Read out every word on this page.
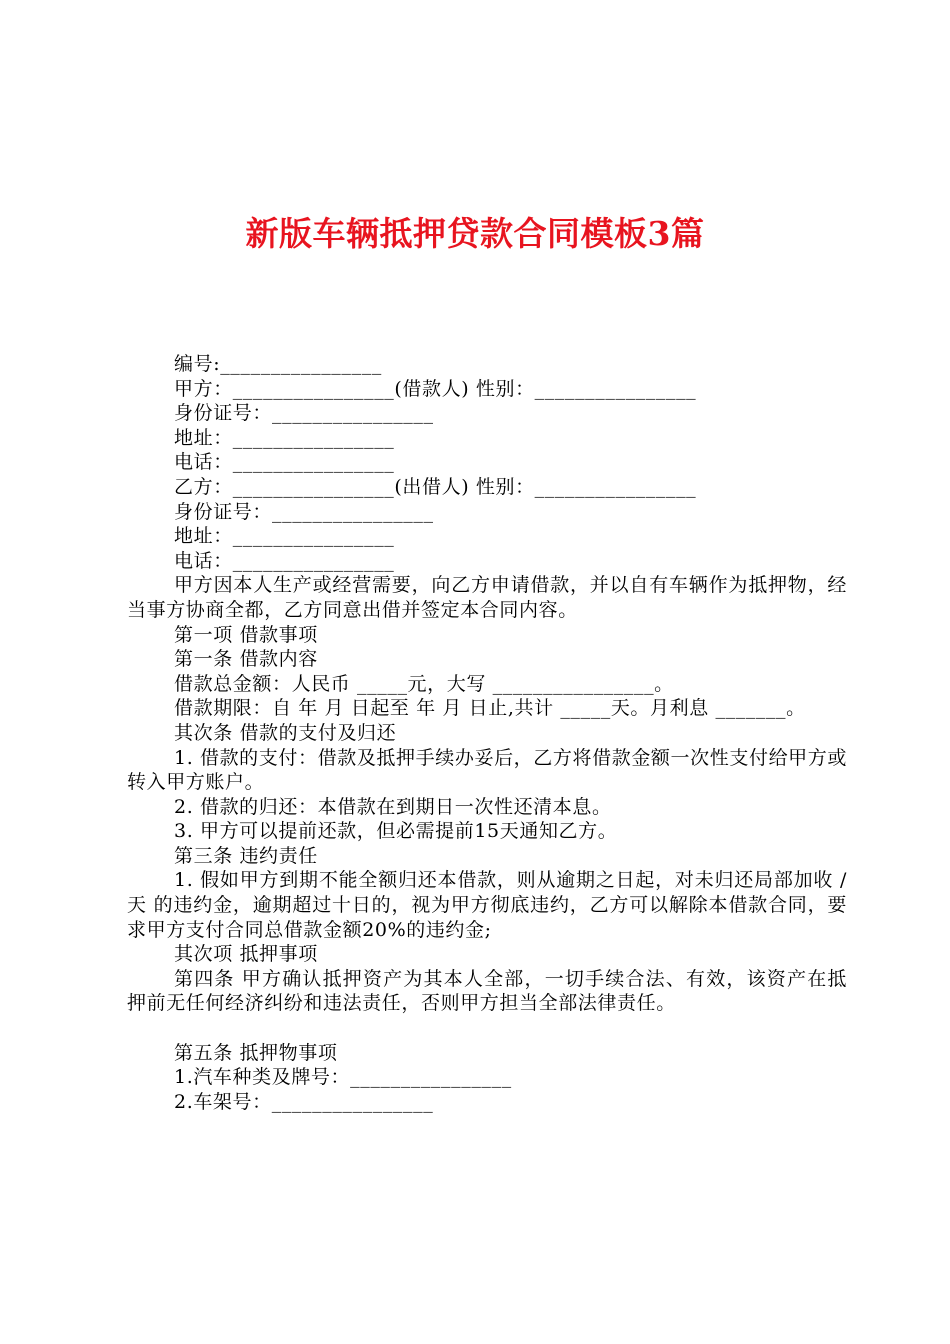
新版车辆抵押贷款合同模板3篇
编号:________________
甲方：________________(借款人) 性别：________________
身份证号：________________
地址：________________
电话：________________
乙方：________________(出借人) 性别：________________
身份证号：________________
地址：________________
电话：________________
甲方因本人生产或经营需要，向乙方申请借款，并以自有车辆作为抵押物，经当事方协商全都，乙方同意出借并签定本合同内容。
第一项 借款事项
第一条 借款内容
借款总金额：人民币 _____元，大写 ________________。
借款期限：自 年 月 日起至 年 月 日止,共计 _____天。月利息 _______。
其次条 借款的支付及归还
1. 借款的支付：借款及抵押手续办妥后，乙方将借款金额一次性支付给甲方或转入甲方账户。
2. 借款的归还：本借款在到期日一次性还清本息。
3. 甲方可以提前还款，但必需提前15天通知乙方。
第三条 违约责任
1. 假如甲方到期不能全额归还本借款，则从逾期之日起，对未归还局部加收 /天 的违约金，逾期超过十日的，视为甲方彻底违约，乙方可以解除本借款合同，要求甲方支付合同总借款金额20%的违约金;
其次项 抵押事项
第四条 甲方确认抵押资产为其本人全部，一切手续合法、有效，该资产在抵押前无任何经济纠纷和违法责任，否则甲方担当全部法律责任。
第五条 抵押物事项
1.汽车种类及牌号：________________
2.车架号：________________
